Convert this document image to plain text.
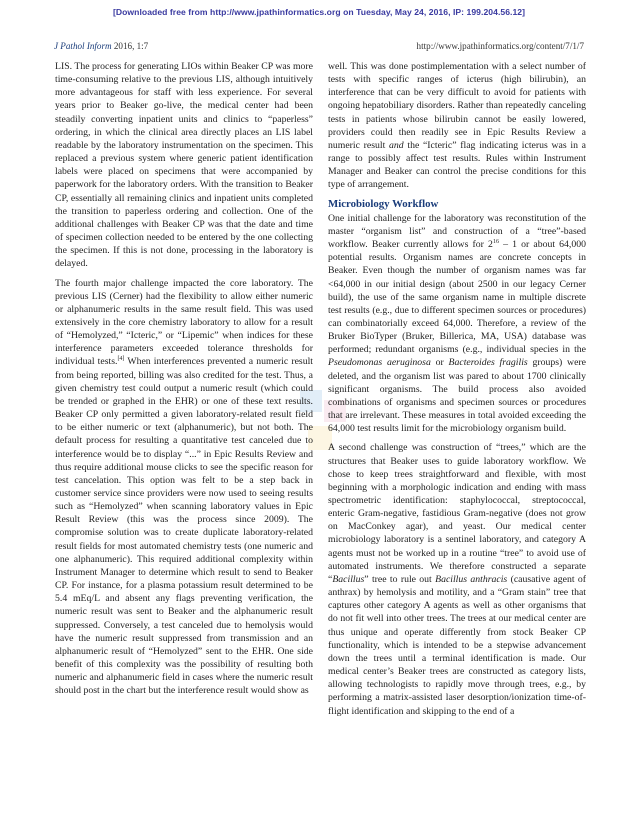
[Downloaded free from http://www.jpathinformatics.org on Tuesday, May 24, 2016, IP: 199.204.56.12]
J Pathol Inform 2016, 1:7	http://www.jpathinformatics.org/content/7/1/7

LIS. The process for generating LIOs within Beaker CP was more time-consuming relative to the previous LIS, although intuitively more advantageous for staff with less experience. For several years prior to Beaker go-live, the medical center had been steadily converting inpatient units and clinics to “paperless” ordering, in which the clinical area directly places an LIS label readable by the laboratory instrumentation on the specimen. This replaced a previous system where generic patient identification labels were placed on specimens that were accompanied by paperwork for the laboratory orders. With the transition to Beaker CP, essentially all remaining clinics and inpatient units completed the transition to paperless ordering and collection. One of the additional challenges with Beaker CP was that the date and time of specimen collection needed to be entered by the one collecting the specimen. If this is not done, processing in the laboratory is delayed.

The fourth major challenge impacted the core laboratory. The previous LIS (Cerner) had the flexibility to allow either numeric or alphanumeric results in the same result field. This was used extensively in the core chemistry laboratory to allow for a result of “Hemolyzed,” “Icteric,” or “Lipemic” when indices for these interference parameters exceeded tolerance thresholds for individual tests.[4] When interferences prevented a numeric result from being reported, billing was also credited for the test. Thus, a given chemistry test could output a numeric result (which could be trended or graphed in the EHR) or one of these text results. Beaker CP only permitted a given laboratory-related result field to be either numeric or text (alphanumeric), but not both. The default process for resulting a quantitative test canceled due to interference would be to display “...” in Epic Results Review and thus require additional mouse clicks to see the specific reason for test cancelation. This option was felt to be a step back in customer service since providers were now used to seeing results such as “Hemolyzed” when scanning laboratory values in Epic Result Review (this was the process since 2009). The compromise solution was to create duplicate laboratory-related result fields for most automated chemistry tests (one numeric and one alphanumeric). This required additional complexity within Instrument Manager to determine which result to send to Beaker CP. For instance, for a plasma potassium result determined to be 5.4 mEq/L and absent any flags preventing verification, the numeric result was sent to Beaker and the alphanumeric result suppressed. Conversely, a test canceled due to hemolysis would have the numeric result suppressed from transmission and an alphanumeric result of “Hemolyzed” sent to the EHR. One side benefit of this complexity was the possibility of resulting both numeric and alphanumeric field in cases where the numeric result should post in the chart but the interference result would show as

well. This was done postimplementation with a select number of tests with specific ranges of icterus (high bilirubin), an interference that can be very difficult to avoid for patients with ongoing hepatobiliary disorders. Rather than repeatedly canceling tests in patients whose bilirubin cannot be easily lowered, providers could then readily see in Epic Results Review a numeric result and the “Icteric” flag indicating icterus was in a range to possibly affect test results. Rules within Instrument Manager and Beaker can control the precise conditions for this type of arrangement.

Microbiology Workflow

One initial challenge for the laboratory was reconstitution of the master “organism list” and construction of a “tree”-based workflow. Beaker currently allows for $2^{16} - 1$ or about 64,000 potential results. Organism names are concrete concepts in Beaker. Even though the number of organism names was far <64,000 in our initial design (about 2500 in our legacy Cerner build), the use of the same organism name in multiple discrete test results (e.g., due to different specimen sources or procedures) can combinatorially exceed 64,000. Therefore, a review of the Bruker BioTyper (Bruker, Billerica, MA, USA) database was performed; redundant organisms (e.g., individual species in the Pseudomonas aeruginosa or Bacteroides fragilis groups) were deleted, and the organism list was pared to about 1700 clinically significant organisms. The build process also avoided combinations of organisms and specimen sources or procedures that are irrelevant. These measures in total avoided exceeding the 64,000 test results limit for the microbiology organism build.

A second challenge was construction of “trees,” which are the structures that Beaker uses to guide laboratory workflow. We chose to keep trees straightforward and flexible, with most beginning with a morphologic indication and ending with mass spectrometric identification: staphylococcal, streptococcal, enteric Gram-negative, fastidious Gram-negative (does not grow on MacConkey agar), and yeast. Our medical center microbiology laboratory is a sentinel laboratory, and category A agents must not be worked up in a routine “tree” to avoid use of automated instruments. We therefore constructed a separate “Bacillus” tree to rule out Bacillus anthracis (causative agent of anthrax) by hemolysis and motility, and a “Gram stain” tree that captures other category A agents as well as other organisms that do not fit well into other trees. The trees at our medical center are thus unique and operate differently from stock Beaker CP functionality, which is intended to be a stepwise advancement down the trees until a terminal identification is made. Our medical center’s Beaker trees are constructed as category lists, allowing technologists to rapidly move through trees, e.g., by performing a matrix-assisted laser desorption/ionization time-of-flight identification and skipping to the end of a
